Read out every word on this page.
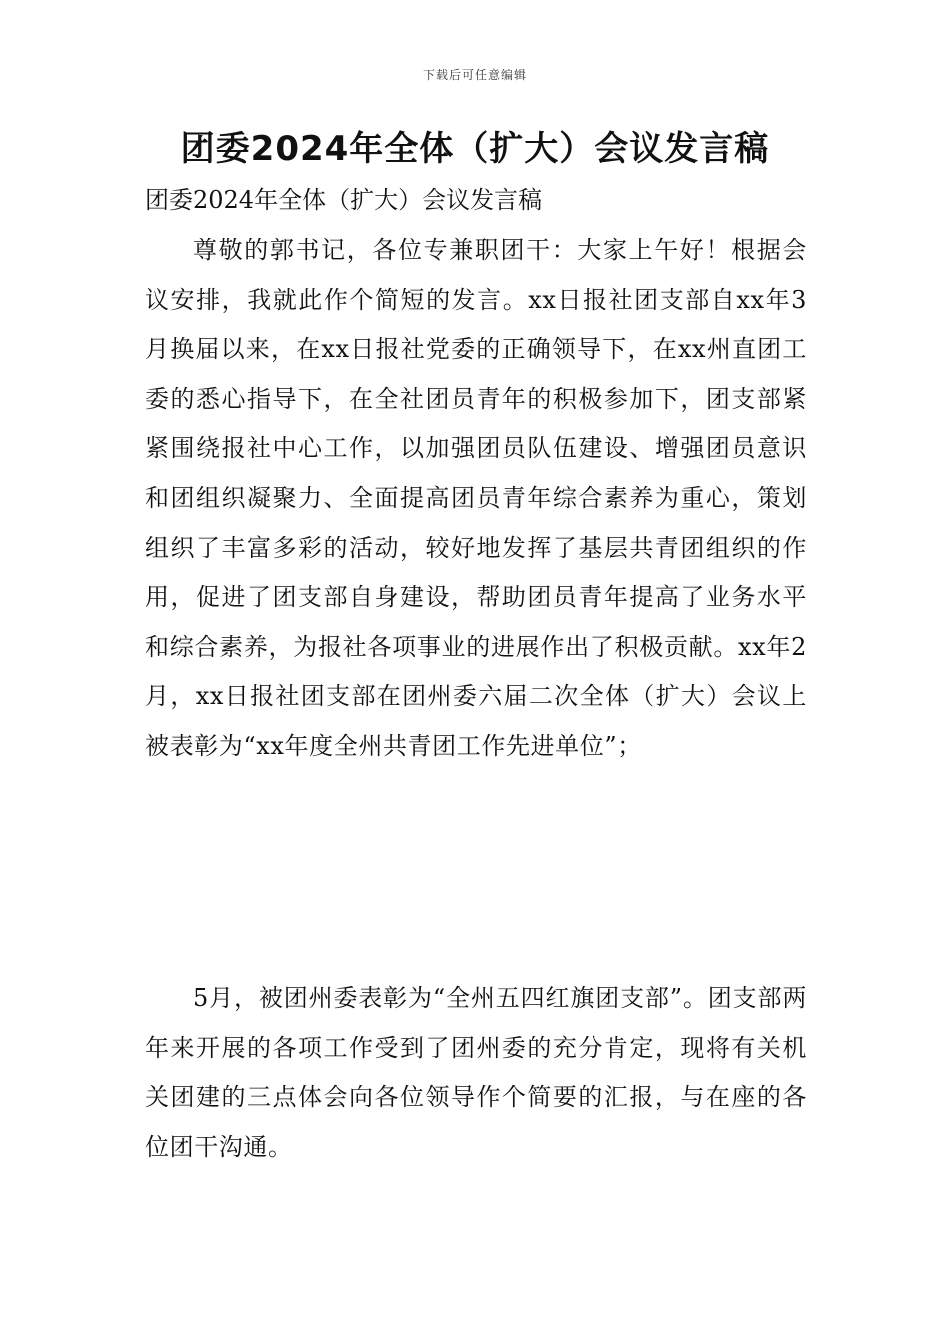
下载后可任意编辑
团委2024年全体（扩大）会议发言稿

团委2024年全体（扩大）会议发言稿

尊敬的郭书记，各位专兼职团干：大家上午好！根据会议安排，我就此作个简短的发言。xx日报社团支部自xx年3月换届以来，在xx日报社党委的正确领导下，在xx州直团工委的悉心指导下，在全社团员青年的积极参加下，团支部紧紧围绕报社中心工作，以加强团员队伍建设、增强团员意识和团组织凝聚力、全面提高团员青年综合素养为重心，策划组织了丰富多彩的活动，较好地发挥了基层共青团组织的作用，促进了团支部自身建设，帮助团员青年提高了业务水平和综合素养，为报社各项事业的进展作出了积极贡献。xx年2月，xx日报社团支部在团州委六届二次全体（扩大）会议上被表彰为“xx年度全州共青团工作先进单位”；

5月，被团州委表彰为“全州五四红旗团支部”。团支部两年来开展的各项工作受到了团州委的充分肯定，现将有关机关团建的三点体会向各位领导作个简要的汇报，与在座的各位团干沟通。
